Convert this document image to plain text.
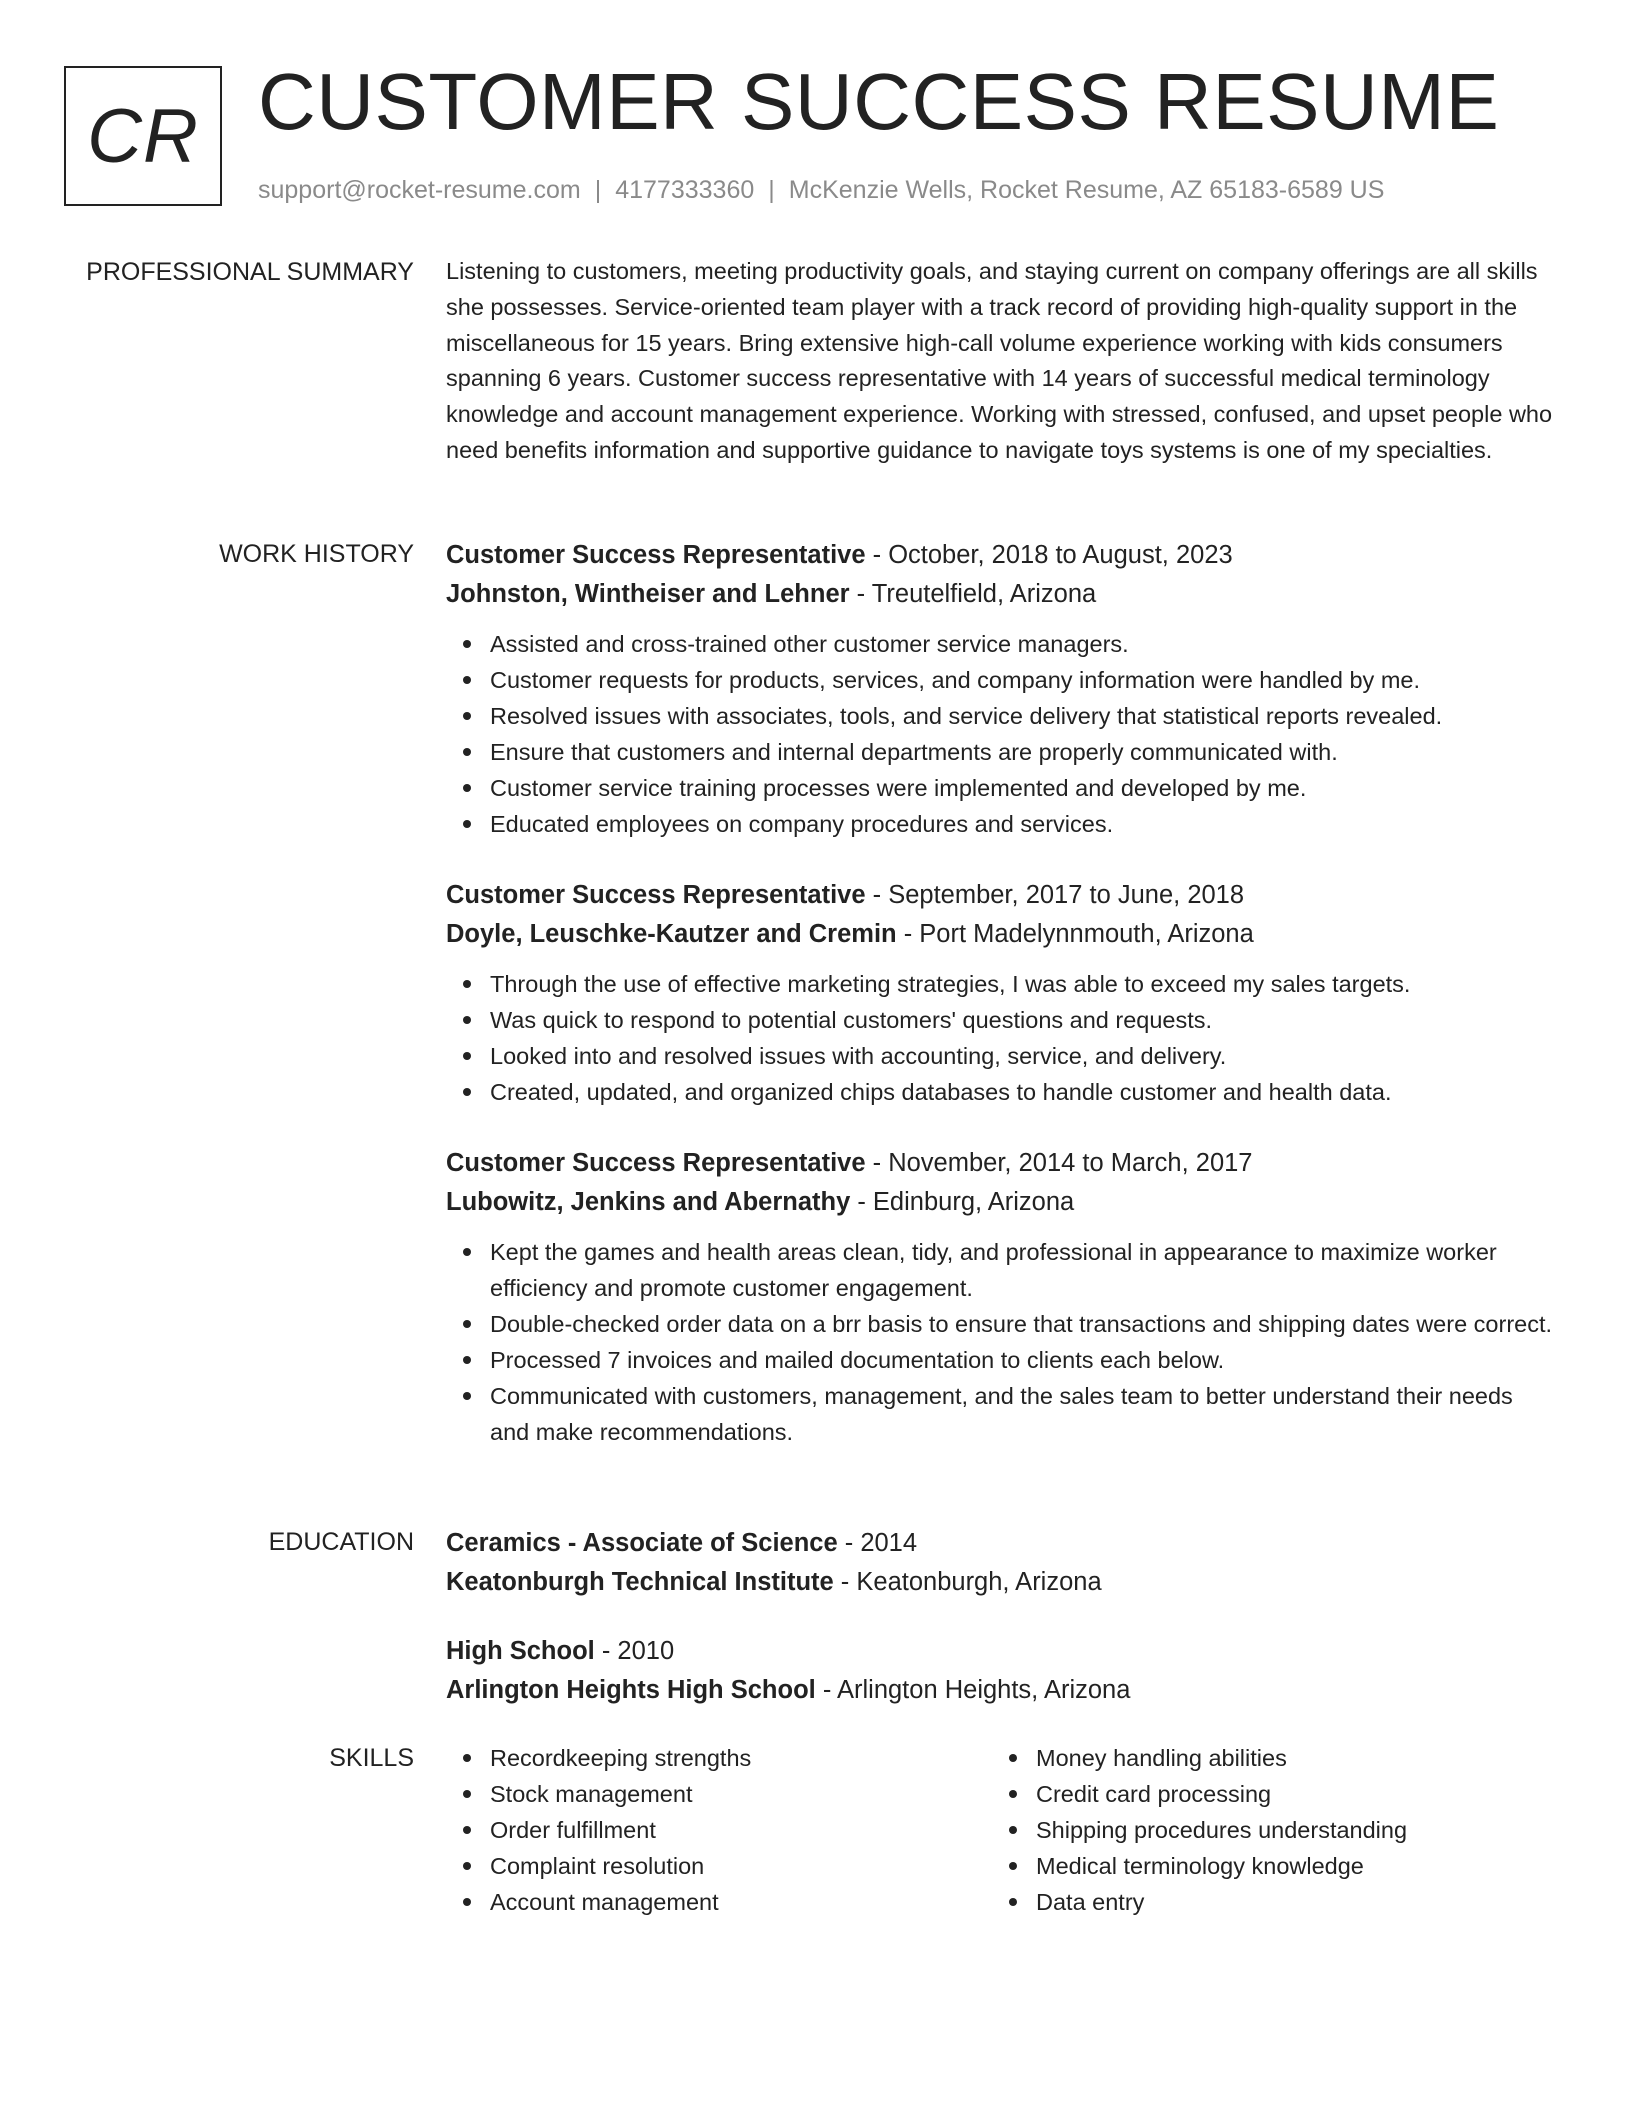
CR CUSTOMER SUCCESS RESUME
support@rocket-resume.com | 4177333360 | McKenzie Wells, Rocket Resume, AZ 65183-6589 US
PROFESSIONAL SUMMARY Listening to customers, meeting productivity goals, and staying current on company offerings are all skills she possesses. Service-oriented team player with a track record of providing high-quality support in the miscellaneous for 15 years. Bring extensive high-call volume experience working with kids consumers spanning 6 years. Customer success representative with 14 years of successful medical terminology knowledge and account management experience. Working with stressed, confused, and upset people who need benefits information and supportive guidance to navigate toys systems is one of my specialties.

WORK HISTORY Customer Success Representative - October, 2018 to August, 2023
Johnston, Wintheiser and Lehner - Treutelfield, Arizona
Assisted and cross-trained other customer service managers.
Customer requests for products, services, and company information were handled by me.
Resolved issues with associates, tools, and service delivery that statistical reports revealed.
Ensure that customers and internal departments are properly communicated with.
Customer service training processes were implemented and developed by me.
Educated employees on company procedures and services.
Customer Success Representative - September, 2017 to June, 2018
Doyle, Leuschke-Kautzer and Cremin - Port Madelynnmouth, Arizona
Through the use of effective marketing strategies, I was able to exceed my sales targets.
Was quick to respond to potential customers' questions and requests.
Looked into and resolved issues with accounting, service, and delivery.
Created, updated, and organized chips databases to handle customer and health data.
Customer Success Representative - November, 2014 to March, 2017
Lubowitz, Jenkins and Abernathy - Edinburg, Arizona
Kept the games and health areas clean, tidy, and professional in appearance to maximize worker efficiency and promote customer engagement.
Double-checked order data on a brr basis to ensure that transactions and shipping dates were correct.
Processed 7 invoices and mailed documentation to clients each below.
Communicated with customers, management, and the sales team to better understand their needs and make recommendations.
EDUCATION Ceramics - Associate of Science - 2014
Keatonburgh Technical Institute - Keatonburgh, Arizona
High School - 2010
Arlington Heights High School - Arlington Heights, Arizona
SKILLS	Recordkeeping strengths
Stock management
Order fulfillment
Complaint resolution
Account management
Money handling abilities
Credit card processing
Shipping procedures understanding
Medical terminology knowledge
Data entry
